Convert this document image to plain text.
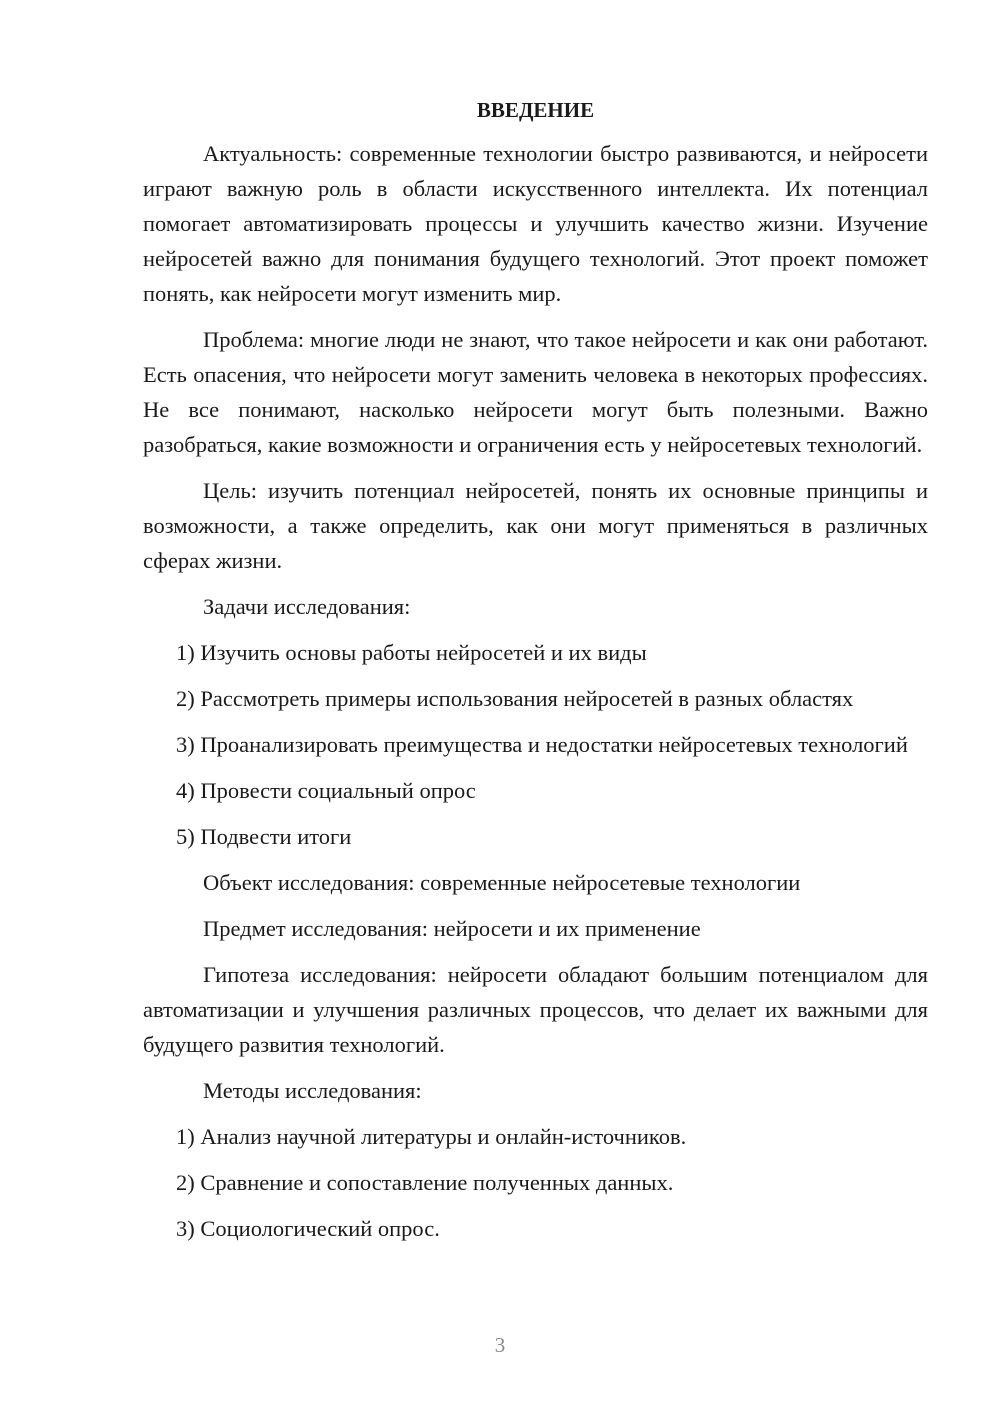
ВВЕДЕНИЕ

Актуальность: современные технологии быстро развиваются, и нейросети играют важную роль в области искусственного интеллекта. Их потенциал помогает автоматизировать процессы и улучшить качество жизни. Изучение нейросетей важно для понимания будущего технологий. Этот проект поможет понять, как нейросети могут изменить мир.

Проблема: многие люди не знают, что такое нейросети и как они работают. Есть опасения, что нейросети могут заменить человека в некоторых профессиях. Не все понимают, насколько нейросети могут быть полезными. Важно разобраться, какие возможности и ограничения есть у нейросетевых технологий.

Цель: изучить потенциал нейросетей, понять их основные принципы и возможности, а также определить, как они могут применяться в различных сферах жизни.

Задачи исследования:

1) Изучить основы работы нейросетей и их виды

2) Рассмотреть примеры использования нейросетей в разных областях

3) Проанализировать преимущества и недостатки нейросетевых технологий

4) Провести социальный опрос

5) Подвести итоги

Объект исследования: современные нейросетевые технологии

Предмет исследования: нейросети и их применение

Гипотеза исследования: нейросети обладают большим потенциалом для автоматизации и улучшения различных процессов, что делает их важными для будущего развития технологий.

Методы исследования:

1) Анализ научной литературы и онлайн-источников.

2) Сравнение и сопоставление полученных данных.

3) Социологический опрос.

3
